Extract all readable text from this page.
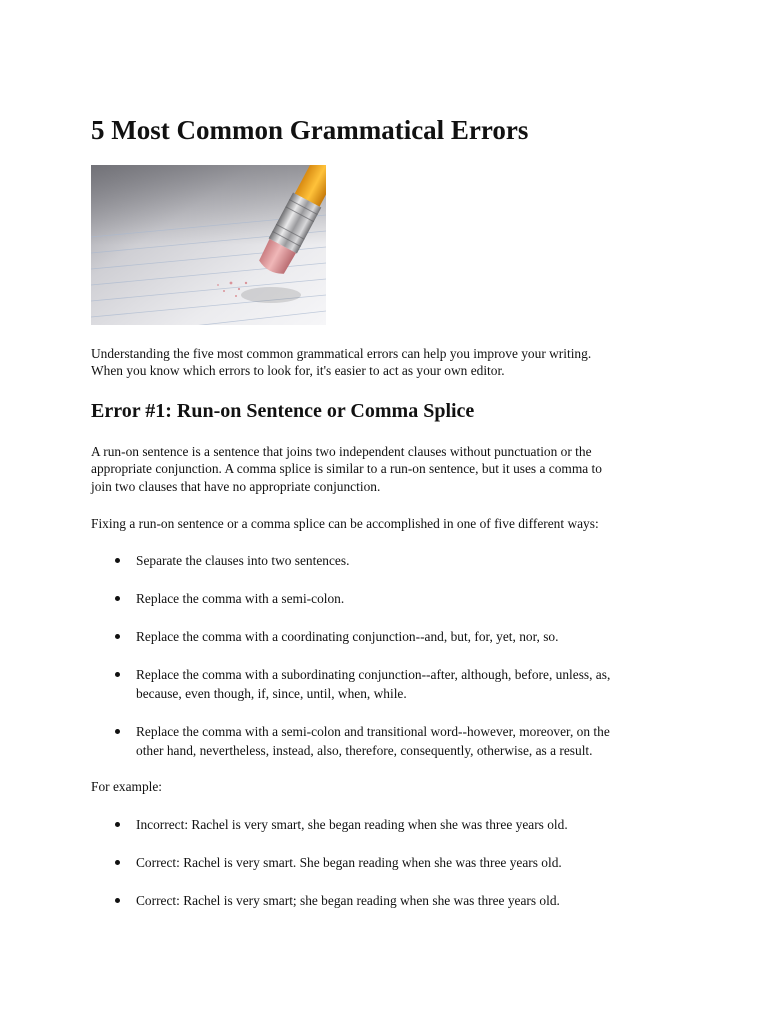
5 Most Common Grammatical Errors

Understanding the five most common grammatical errors can help you improve your writing.

When you know which errors to look for, it's easier to act as your own editor.

Error #1: Run-on Sentence or Comma Splice

A run-on sentence is a sentence that joins two independent clauses without punctuation or the

appropriate conjunction. A comma splice is similar to a run-on sentence, but it uses a comma to

join two clauses that have no appropriate conjunction.

Fixing a run-on sentence or a comma splice can be accomplished in one of five different ways:

Separate the clauses into two sentences.
Replace the comma with a semi-colon.
Replace the comma with a coordinating conjunction--and, but, for, yet, nor, so.
Replace the comma with a subordinating conjunction--after, although, before, unless, as,
because, even though, if, since, until, when, while.
Replace the comma with a semi-colon and transitional word--however, moreover, on the
other hand, nevertheless, instead, also, therefore, consequently, otherwise, as a result.

For example:

Incorrect: Rachel is very smart, she began reading when she was three years old.
Correct: Rachel is very smart. She began reading when she was three years old.
Correct: Rachel is very smart; she began reading when she was three years old.
